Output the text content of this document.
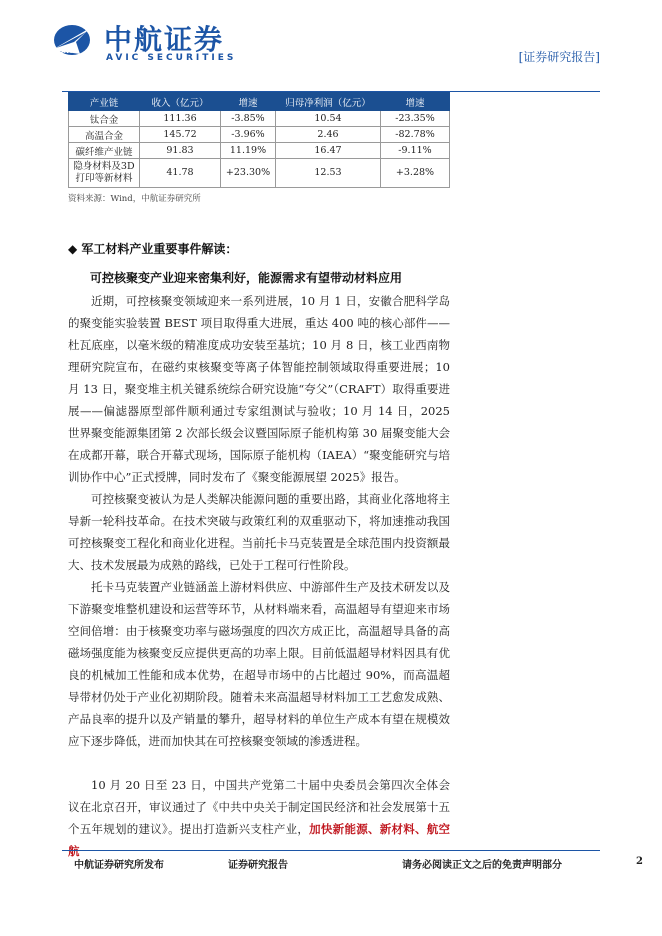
AVIC 中航证券
AVIC SECURITIES	[证券研究报告]
产业链	收入（亿元）	增速	归母净利润（亿元）	增速
钛合金	111.36	-3.85%	10.54	-23.35%
高温合金	145.72	-3.96%	2.46	-82.78%
碳纤维产业链	91.83	11.19%	16.47	-9.11%
隐身材料及3D
打印等新材料	41.78	+23.30%	12.53	+3.28%
资料来源：Wind，中航证券研究所
◆ 军工材料产业重要事件解读：
可控核聚变产业迎来密集利好，能源需求有望带动材料应用

近期，可控核聚变领域迎来一系列进展，10 月 1 日，安徽合肥科学岛的聚变能实验装置 BEST 项目取得重大进展，重达 400 吨的核心部件——杜瓦底座，以毫米级的精准度成功安装至基坑；10 月 8 日，核工业西南物理研究院宣布，在磁约束核聚变等离子体智能控制领域取得重要进展；10 月 13 日，聚变堆主机关键系统综合研究设施“夸父”（CRAFT）取得重要进展——偏滤器原型部件顺利通过专家组测试与验收；10 月 14 日，2025 世界聚变能源集团第 2 次部长级会议暨国际原子能机构第 30 届聚变能大会在成都开幕，联合开幕式现场，国际原子能机构（IAEA）“聚变能研究与培训协作中心”正式授牌，同时发布了《聚变能源展望 2025》报告。

可控核聚变被认为是人类解决能源问题的重要出路，其商业化落地将主导新一轮科技革命。在技术突破与政策红利的双重驱动下，将加速推动我国可控核聚变工程化和商业化进程。当前托卡马克装置是全球范围内投资额最大、技术发展最为成熟的路线，已处于工程可行性阶段。

托卡马克装置产业链涵盖上游材料供应、中游部件生产及技术研发以及下游聚变堆整机建设和运营等环节，从材料端来看，高温超导有望迎来市场空间倍增：由于核聚变功率与磁场强度的四次方成正比，高温超导具备的高磁场强度能为核聚变反应提供更高的功率上限。目前低温超导材料因具有优良的机械加工性能和成本优势，在超导市场中的占比超过 90%，而高温超导带材仍处于产业化初期阶段。随着未来高温超导材料加工工艺愈发成熟、产品良率的提升以及产销量的攀升，超导材料的单位生产成本有望在规模效应下逐步降低，进而加快其在可控核聚变领域的渗透进程。

10 月 20 日至 23 日，中国共产党第二十届中央委员会第四次全体会议在北京召开，审议通过了《中共中央关于制定国民经济和社会发展第十五个五年规划的建议》。提出打造新兴支柱产业，加快新能源、新材料、航空航

中航证券研究所发布	证券研究报告	请务必阅读正文之后的免责声明部分	2
